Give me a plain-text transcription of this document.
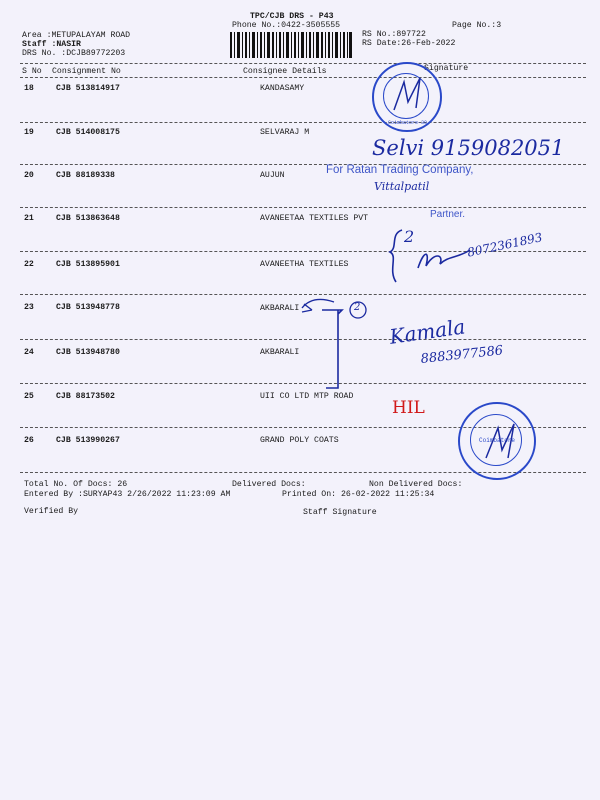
TPC/CJB DRS - P43
Phone No.:0422-3505555	Page No.:3
Area :METUPALAYAM ROAD
Staff :NASIR
DRS No. :DCJB89772203
RS No.:897722
RS Date:26-Feb-2022
S No Consignment No	Consignee Details	Signature
18	CJB 513814917	KANDASAMY
19	CJB 514008175	SELVARAJ M
20	CJB 88189338	AUJUN
21	CJB 513863648	AVANEETAA TEXTILES PVT
22	CJB 513895901	AVANEETHA TEXTILES
23	CJB 513948778	AKBARALI
24	CJB 513948780	AKBARALI
25	CJB 88173502	UII CO LTD MTP ROAD
26	CJB 513990267	GRAND POLY COATS
Total No. Of Docs: 26	Delivered Docs:	Non Delivered Docs:
Entered By :SURYAP43 2/26/2022 11:23:09 AM	Printed On: 26-02-2022 11:25:34
Verified By	Staff Signature
Coimbatore-30
Selvi 9159082051
For Ratan Trading Company,
Vittalpatil
Partner.
2	8072361893
2
Kamala
8883977586
HIL
Coimbatore
